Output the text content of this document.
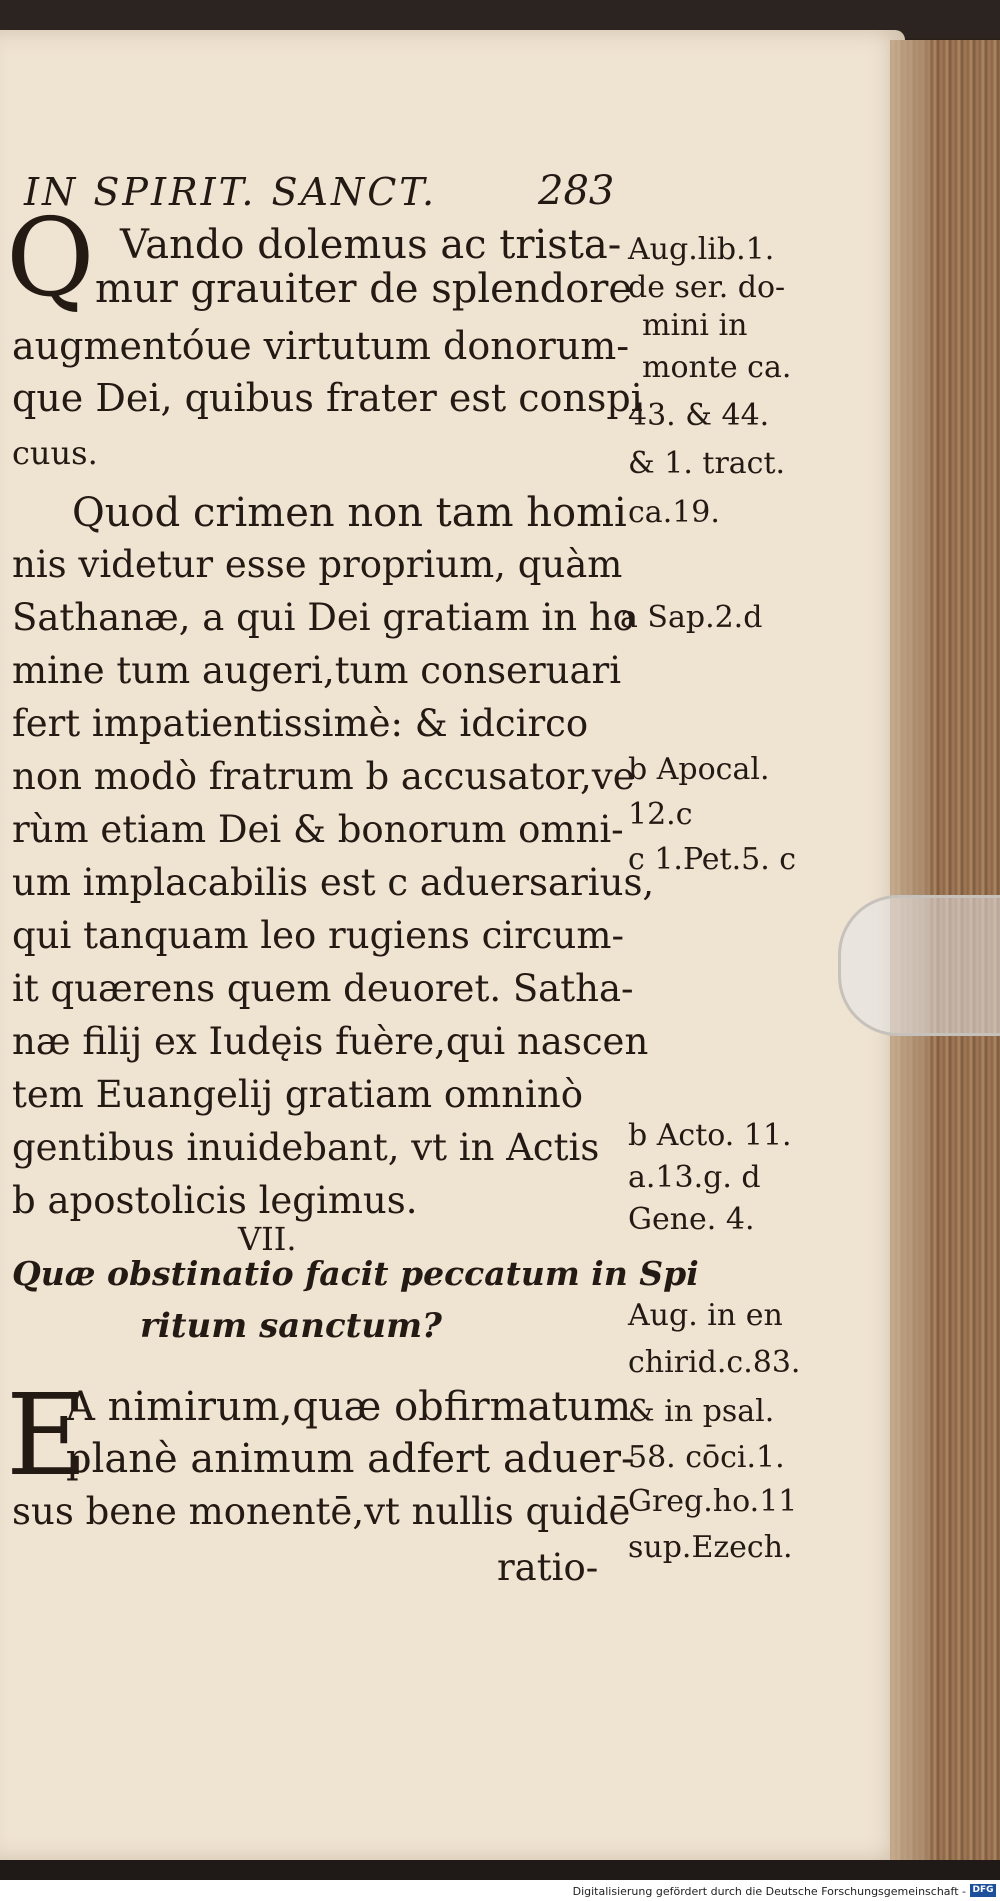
IN SPIRIT. SANCT.	283
Q Vando dolemus ac trista-
mur grauiter de splendore
augmentóue virtutum donorum-
que Dei, quibus frater est conspi
cuus.
Quod crimen non tam homi
nis videtur esse proprium, quàm
Sathanæ, a qui Dei gratiam in ho
mine tum augeri,tum conseruari
fert impatientissimè: & idcirco
non modò fratrum b accusator,ve
rùm etiam Dei & bonorum omni-
um implacabilis est c aduersarius,
qui tanquam leo rugiens circum-
it quærens quem deuoret. Satha-
næ filij ex Iudęis fuère,qui nascen
tem Euangelij gratiam omninò
gentibus inuidebant, vt in Actis
b apostolicis legimus.
VII.
Quæ obstinatio facit peccatum in Spi
ritum sanctum?
E
A nimirum,quæ obfirmatum
planè animum adfert aduer-
sus bene monentē,vt nullis quidē
ratio-
Aug.lib.1.
de ser. do-
mini in
monte ca.
43. & 44.
& 1. tract.
ca.19.
a Sap.2.d
b Apocal.
12.c
c 1.Pet.5. c
b Acto. 11.
a.13.g. d
Gene. 4.
Aug. in en
chirid.c.83.
& in psal.
58. cōci.1.
Greg.ho.11
sup.Ezech.
Digitalisierung gefördert durch die Deutsche Forschungsgemeinschaft - DFG
